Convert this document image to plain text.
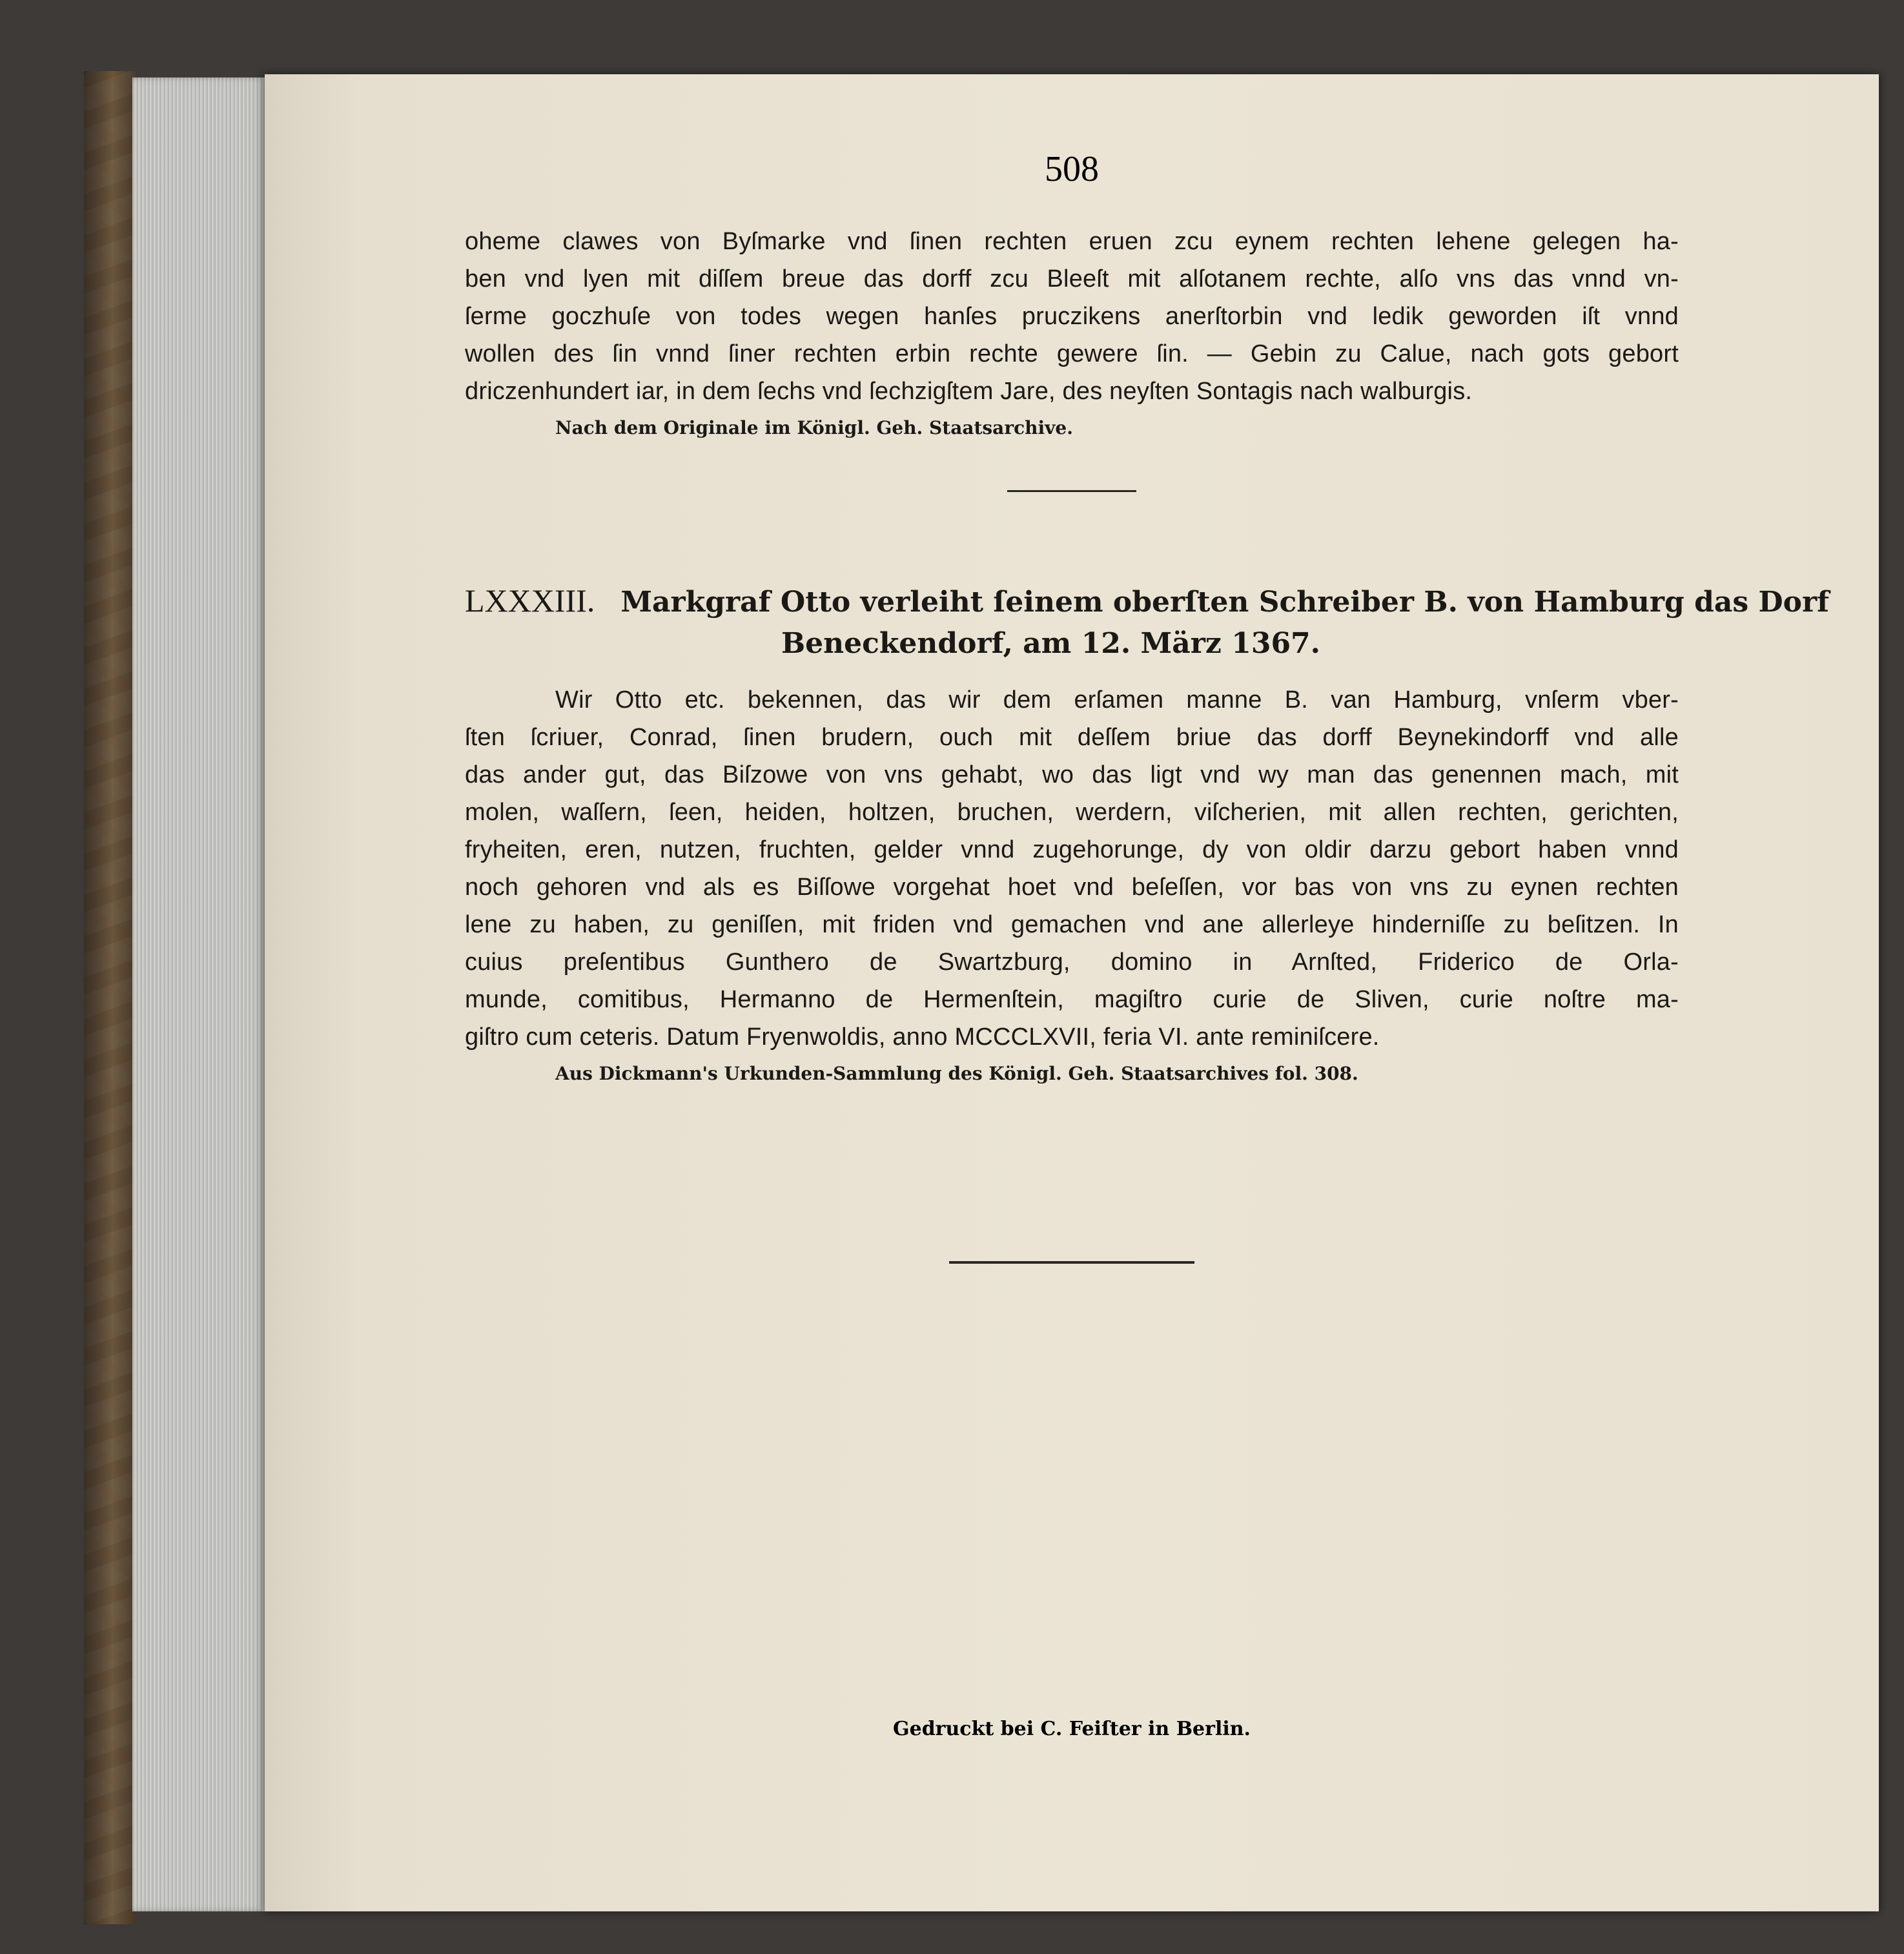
508
oheme clawes von Byſmarke vnd ſinen rechten eruen zcu eynem rechten lehene gelegen ha-
ben vnd lyen mit diſſem breue das dorff zcu Bleeſt mit alſotanem rechte, alſo vns das vnnd vn-
ſerme goczhuſe von todes wegen hanſes pruczikens anerſtorbin vnd ledik geworden iſt vnnd
wollen des ſin vnnd ſiner rechten erbin rechte gewere ſin. — Gebin zu Calue, nach gots gebort
driczenhundert iar, in dem ſechs vnd ſechzigſtem Jare, des neyſten Sontagis nach walburgis.
Nach dem Originale im Königl. Geh. Staatsarchive.
LXXXIII. Markgraf Otto verleiht ſeinem oberſten Schreiber B. von Hamburg das Dorf
Beneckendorf, am 12. März 1367.
Wir Otto etc. bekennen, das wir dem erſamen manne B. van Hamburg, vnſerm vber-
ſten ſcriuer, Conrad, ſinen brudern, ouch mit deſſem briue das dorff Beynekindorff vnd alle
das ander gut, das Biſzowe von vns gehabt, wo das ligt vnd wy man das genennen mach, mit
molen, waſſern, ſeen, heiden, holtzen, bruchen, werdern, viſcherien, mit allen rechten, gerichten,
fryheiten, eren, nutzen, fruchten, gelder vnnd zugehorunge, dy von oldir darzu gebort haben vnnd
noch gehoren vnd als es Biſſowe vorgehat hoet vnd beſeſſen, vor bas von vns zu eynen rechten
lene zu haben, zu geniſſen, mit friden vnd gemachen vnd ane allerleye hinderniſſe zu beſitzen. In
cuius preſentibus Gunthero de Swartzburg, domino in Arnſted, Friderico de Orla-
munde, comitibus, Hermanno de Hermenſtein, magiſtro curie de Sliven, curie noſtre ma-
giſtro cum ceteris. Datum Fryenwoldis, anno MCCCLXVII, feria VI. ante reminiſcere.
Aus Dickmann's Urkunden-Sammlung des Königl. Geh. Staatsarchives fol. 308.
Gedruckt bei C. Feiſter in Berlin.
